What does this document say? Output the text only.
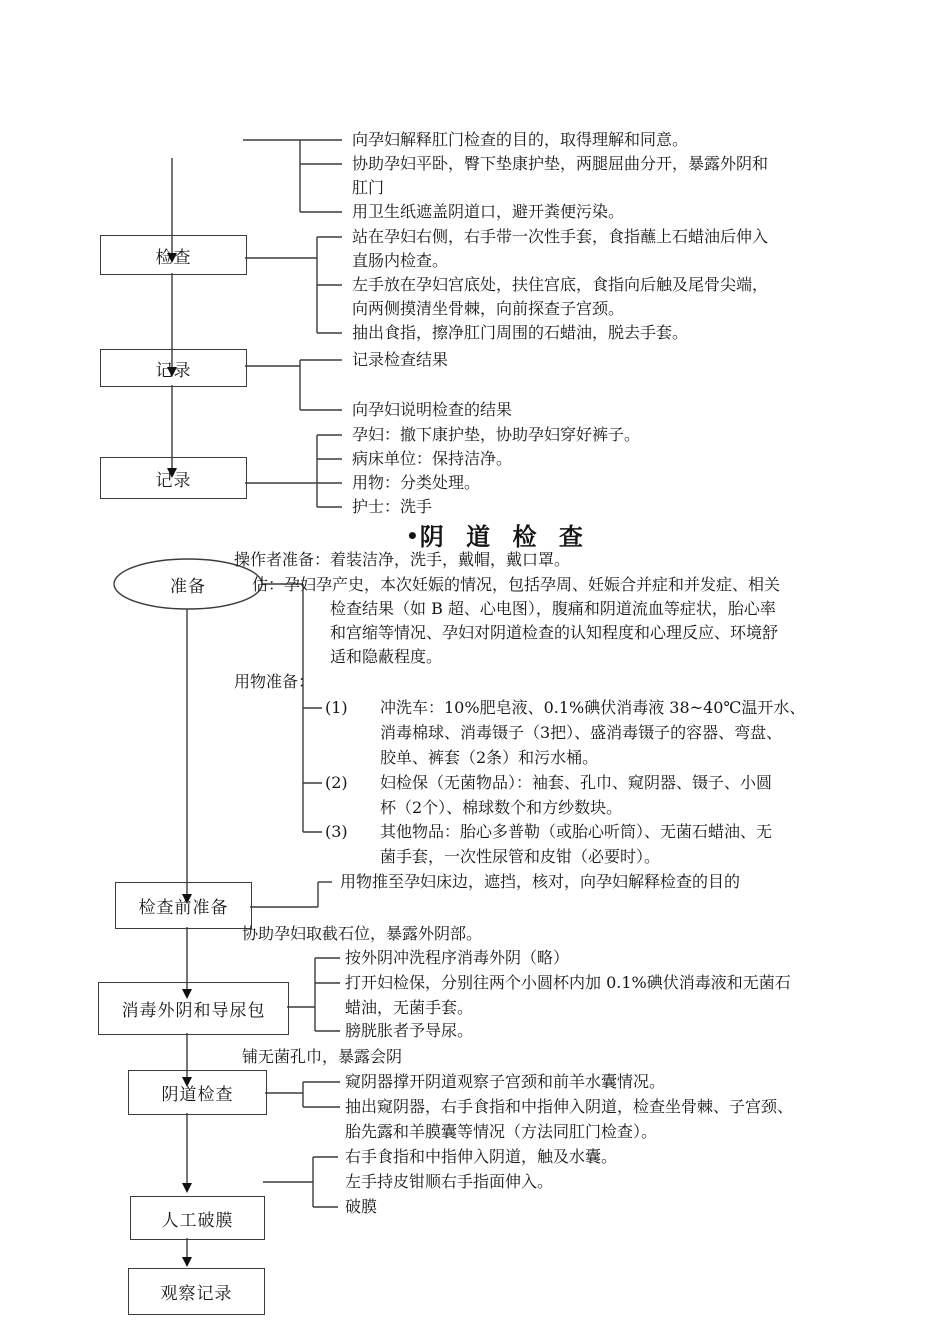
检查
记录
记录
准备
检查前准备
消毒外阴和导尿包
阴道检查
人工破膜
观察记录
向孕妇解释肛门检查的目的，取得理解和同意。
协助孕妇平卧，臀下垫康护垫，两腿屈曲分开，暴露外阴和
肛门
用卫生纸遮盖阴道口，避开粪便污染。
站在孕妇右侧，右手带一次性手套，食指蘸上石蜡油后伸入
直肠内检查。
左手放在孕妇宫底处，扶住宫底，食指向后触及尾骨尖端，
向两侧摸清坐骨棘，向前探查子宫颈。
抽出食指，擦净肛门周围的石蜡油，脱去手套。
记录检查结果
向孕妇说明检查的结果
孕妇：撤下康护垫，协助孕妇穿好裤子。
病床单位：保持洁净。
用物：分类处理。
护士：洗手
•阴 道 检 查
操作者准备：着装洁净，洗手，戴帽，戴口罩。
估：孕妇孕产史，本次妊娠的情况，包括孕周、妊娠合并症和并发症、相关
检查结果（如 B 超、心电图），腹痛和阴道流血等症状，胎心率
和宫缩等情况、孕妇对阴道检查的认知程度和心理反应、环境舒
适和隐蔽程度。
用物准备：
(1) 冲洗车：10%肥皂液、0.1%碘伏消毒液 38~40℃温开水、
消毒棉球、消毒镊子（3把）、盛消毒镊子的容器、弯盘、
胶单、裤套（2条）和污水桶。
(2) 妇检保（无菌物品）：袖套、孔巾、窥阴器、镊子、小圆
杯（2个）、棉球数个和方纱数块。
(3) 其他物品：胎心多普勒（或胎心听筒）、无菌石蜡油、无
菌手套，一次性尿管和皮钳（必要时）。
用物推至孕妇床边，遮挡，核对，向孕妇解释检查的目的
协助孕妇取截石位，暴露外阴部。
按外阴冲洗程序消毒外阴（略）
打开妇检保，分别往两个小圆杯内加 0.1%碘伏消毒液和无菌石
蜡油，无菌手套。
膀胱胀者予导尿。
铺无菌孔巾，暴露会阴
窥阴器撑开阴道观察子宫颈和前羊水囊情况。
抽出窥阴器，右手食指和中指伸入阴道，检查坐骨棘、子宫颈、
胎先露和羊膜囊等情况（方法同肛门检查）。
右手食指和中指伸入阴道，触及水囊。
左手持皮钳顺右手指面伸入。
破膜
